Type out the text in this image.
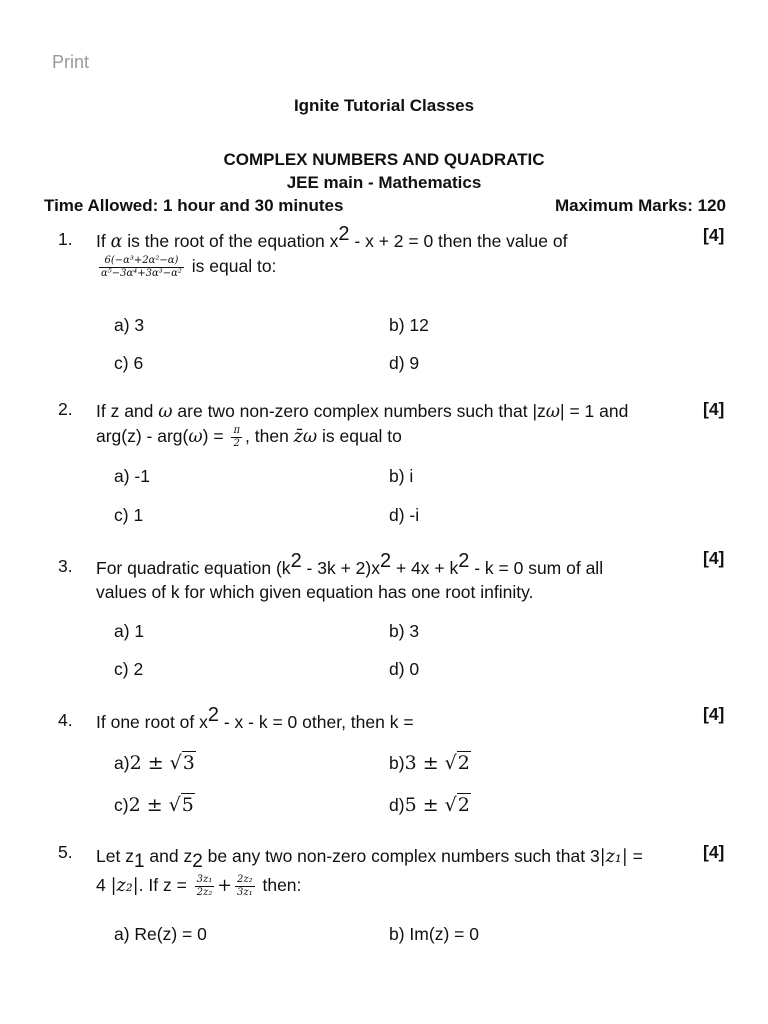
Print
Ignite Tutorial Classes
COMPLEX NUMBERS AND QUADRATIC
JEE main - Mathematics
Time Allowed: 1 hour and 30 minutes	Maximum Marks: 120
1. If α is the root of the equation x2 - x + 2 = 0 then the value of

$\frac{\text{6(−α³+2α²−α)}}{\text{α⁵−3α⁴+3α³−α²}}$ is equal to:
[4]
a) 3	b) 12
c) 6	d) 9
2. If z and ω are two non-zero complex numbers such that |zω| = 1 and
$arg(z) - arg(\omega) = \frac{\pi}{2}$ , then z̄ω is equal to
[4]
a) -1	b) i
c) 1	d) -i
3. For quadratic equation (k2 - 3k + 2)x2 + 4x + k2 - k = 0 sum of all
values of k for which given equation has one root infinity.
[4]
a) 1	b) 3
c) 2	d) 0
4. If one root of x2 - x - k = 0 other, then k =	[4]
a)2 ± √3	b)3 ± √2
c)2 ± √5	d)5 ± √2
5. Let z1 and z2 be any two non-zero complex numbers such that 3|z₁| =
4 |z₂|. If $z = \frac{\text{3z₁}}{\text{2z₂}} + \frac{\text{2z₂}}{\text{3z₁}}$ then:
[4]
a) Re(z) = 0	b) Im(z) = 0
